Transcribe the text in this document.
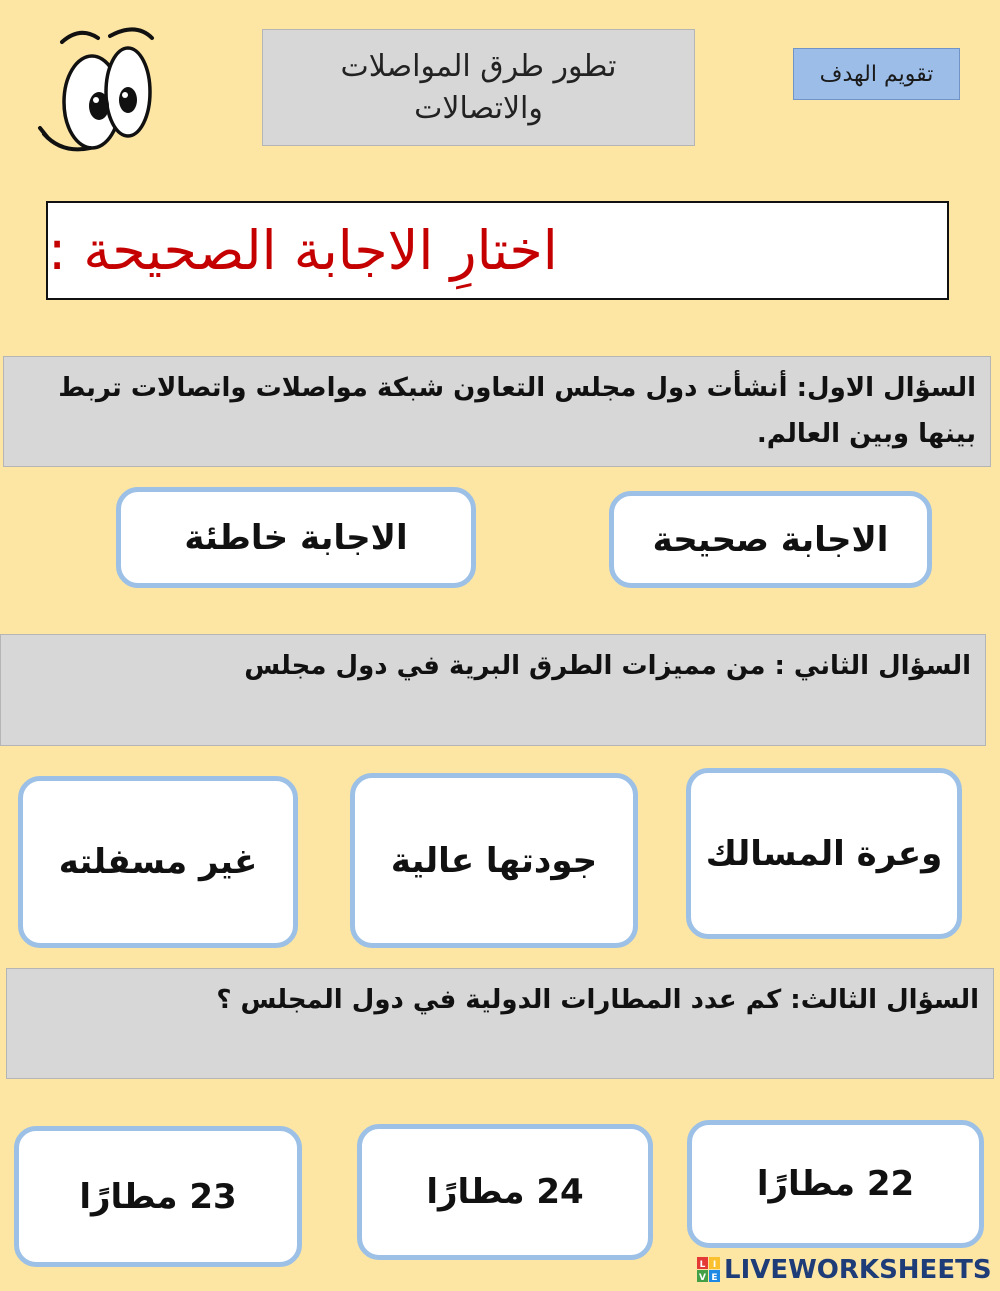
تطور طرق المواصلات
والاتصالات
تقويم الهدف
اختارِ الاجابة الصحيحة :
السؤال الاول: أنشأت دول مجلس التعاون شبكة مواصلات واتصالات تربط بينها وبين العالم.
الاجابة صحيحة
الاجابة خاطئة
السؤال الثاني : من مميزات الطرق البرية في دول مجلس
وعرة المسالك
جودتها عالية
غير مسفلته
السؤال الثالث: كم عدد المطارات الدولية في دول المجلس ؟
22 مطارًا
24 مطارًا
23 مطارًا
L I
V E LIVEWORKSHEETS
